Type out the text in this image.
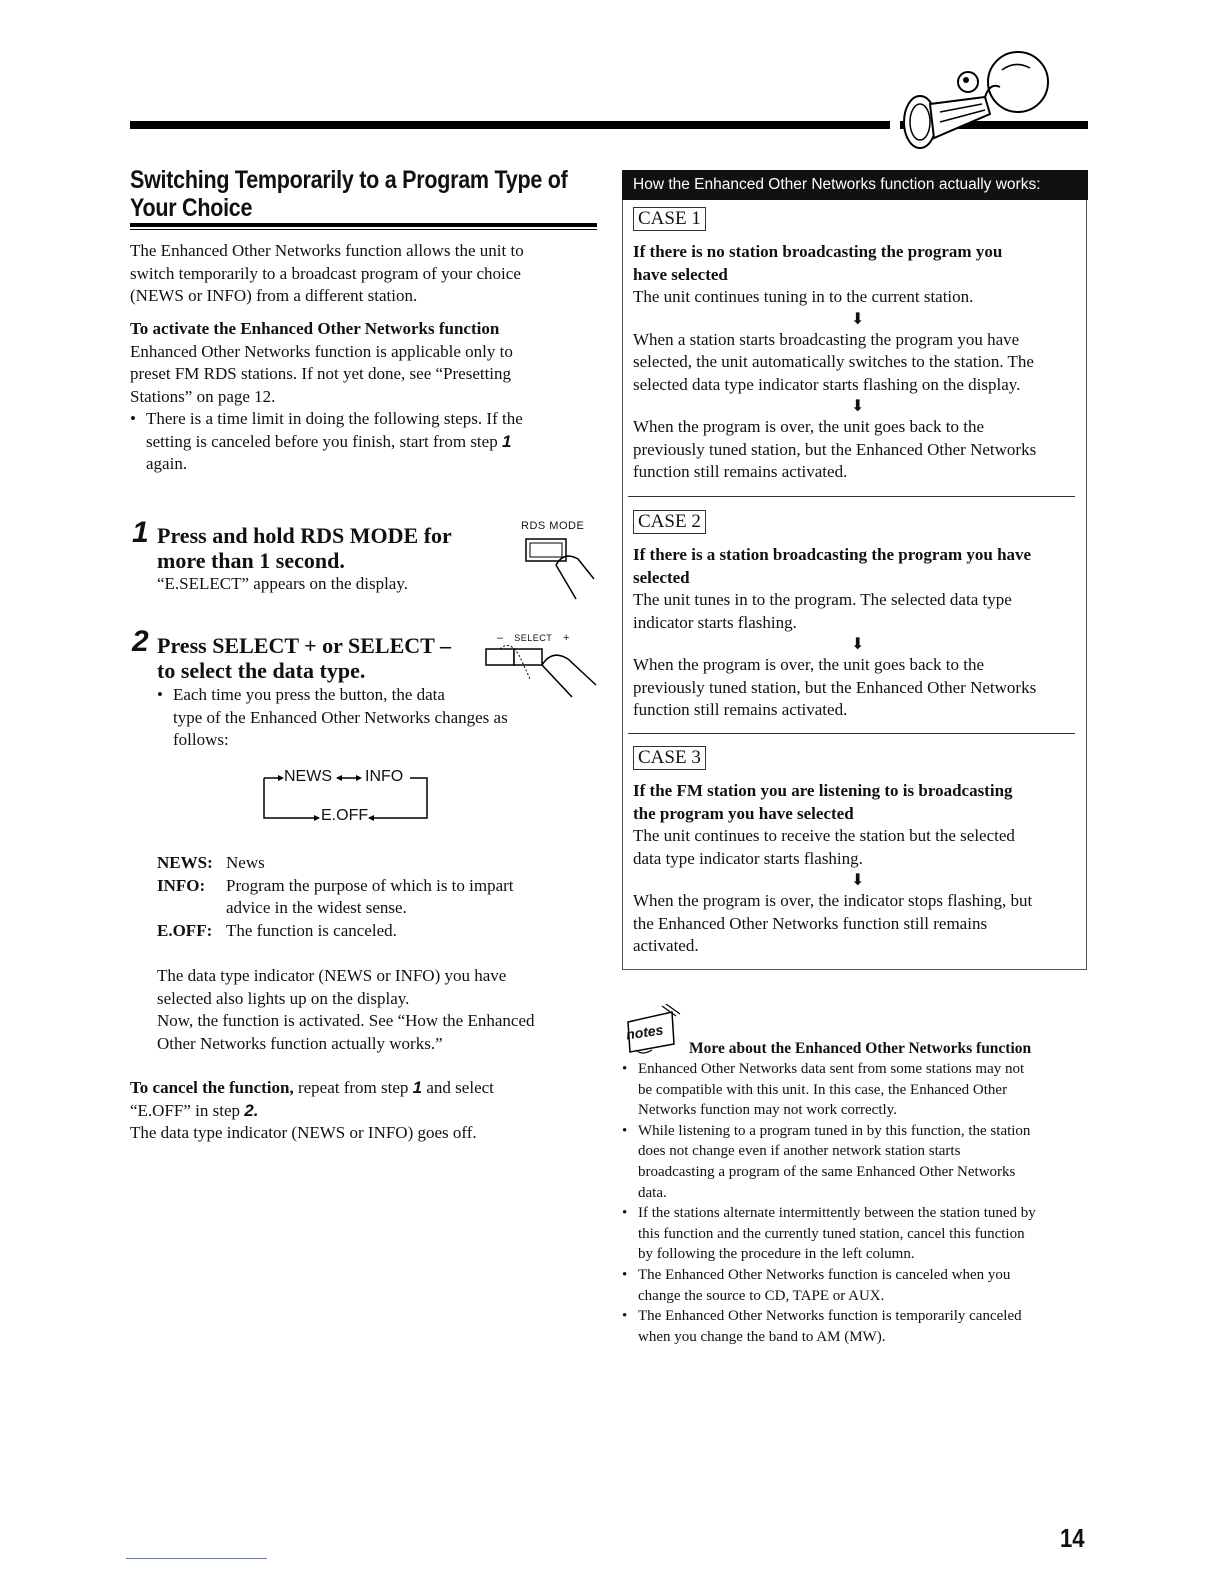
Switching Temporarily to a Program Type of
Your Choice
The Enhanced Other Networks function allows the unit to
switch temporarily to a broadcast program of your choice
(NEWS or INFO) from a different station.
To activate the Enhanced Other Networks function
Enhanced Other Networks function is applicable only to
preset FM RDS stations. If not yet done, see “Presetting
Stations” on page 12.
• There is a time limit in doing the following steps. If the
setting is canceled before you finish, start from step 1
again.
1 Press and hold RDS MODE for
more than 1 second.
“E.SELECT” appears on the display.
RDS MODE
2 Press SELECT + or SELECT –
to select the data type.
– SELECT +
• Each time you press the button, the data
type of the Enhanced Other Networks changes as
follows:
NEWS INFO
E.OFF
NEWS: News
INFO:	Program the purpose of which is to impart
advice in the widest sense.
E.OFF: The function is canceled.
The data type indicator (NEWS or INFO) you have
selected also lights up on the display.
Now, the function is activated. See “How the Enhanced
Other Networks function actually works.”
To cancel the function, repeat from step 1 and select
“E.OFF” in step 2.
The data type indicator (NEWS or INFO) goes off.
How the Enhanced Other Networks function actually works:
CASE 1
If there is no station broadcasting the program you
have selected
The unit continues tuning in to the current station.
⬇
When a station starts broadcasting the program you have
selected, the unit automatically switches to the station. The
selected data type indicator starts flashing on the display.
⬇
When the program is over, the unit goes back to the
previously tuned station, but the Enhanced Other Networks
function still remains activated.
CASE 2
If there is a station broadcasting the program you have
selected
The unit tunes in to the program. The selected data type
indicator starts flashing.
⬇
When the program is over, the unit goes back to the
previously tuned station, but the Enhanced Other Networks
function still remains activated.
CASE 3
If the FM station you are listening to is broadcasting
the program you have selected
The unit continues to receive the station but the selected
data type indicator starts flashing.
⬇
When the program is over, the indicator stops flashing, but
the Enhanced Other Networks function still remains
activated.
notes
More about the Enhanced Other Networks function
• Enhanced Other Networks data sent from some stations may not
be compatible with this unit. In this case, the Enhanced Other
Networks function may not work correctly.
• While listening to a program tuned in by this function, the station
does not change even if another network station starts
broadcasting a program of the same Enhanced Other Networks
data.
• If the stations alternate intermittently between the station tuned by
this function and the currently tuned station, cancel this function
by following the procedure in the left column.
• The Enhanced Other Networks function is canceled when you
change the source to CD, TAPE or AUX.
• The Enhanced Other Networks function is temporarily canceled
when you change the band to AM (MW).
14
